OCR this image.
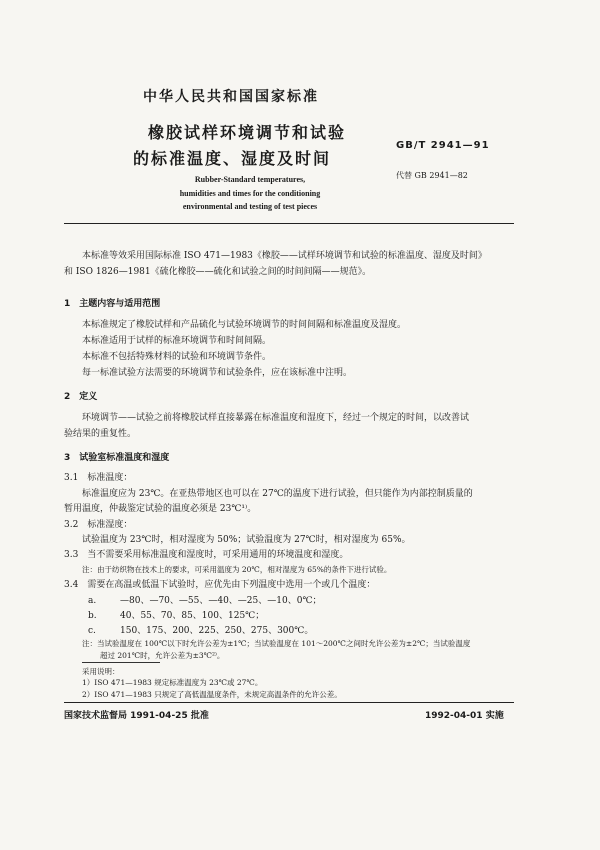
中华人民共和国国家标准
橡胶试样环境调节和试验
的标准温度、湿度及时间
GB/T 2941—91
代替 GB 2941—82
Rubber-Standard temperatures,
humidities and times for the conditioning
environmental and testing of test pieces
本标准等效采用国际标准 ISO 471—1983《橡胶——试样环境调节和试验的标准温度、湿度及时间》
和 ISO 1826—1981《硫化橡胶——硫化和试验之间的时间间隔——规范》。
1　主题内容与适用范围
本标准规定了橡胶试样和产品硫化与试验环境调节的时间间隔和标准温度及湿度。
本标准适用于试样的标准环境调节和时间间隔。
本标准不包括特殊材料的试验和环境调节条件。
每一标准试验方法需要的环境调节和试验条件，应在该标准中注明。
2　定义
环境调节——试验之前将橡胶试样直接暴露在标准温度和湿度下，经过一个规定的时间，以改善试
验结果的重复性。
3　试验室标准温度和湿度
3.1　标准温度：
标准温度应为 23℃。在亚热带地区也可以在 27℃的温度下进行试验，但只能作为内部控制质量的
暂用温度，仲裁鉴定试验的温度必须是 23℃¹⁾。
3.2　标准湿度：
试验温度为 23℃时，相对湿度为 50%；试验温度为 27℃时，相对湿度为 65%。
3.3　当不需要采用标准温度和湿度时，可采用通用的环境温度和湿度。
注：由于纺织物在技术上的要求，可采用温度为 20℃，相对湿度为 65%的条件下进行试验。
3.4　需要在高温或低温下试验时，应优先由下列温度中选用一个或几个温度：
a.	—80、—70、—55、—40、—25、—10、0℃；
b.	40、55、70、85、100、125℃；
c.	150、175、200、225、250、275、300℃。
注：当试验温度在 100℃以下时允许公差为±1℃；当试验温度在 101～200℃之间时允许公差为±2℃；当试验温度
超过 201℃时，允许公差为±3℃²⁾。
采用说明：
1）ISO 471—1983 规定标准温度为 23℃或 27℃。
2）ISO 471—1983 只规定了高低温温度条件，未规定高温条件的允许公差。
国家技术监督局 1991-04-25 批准	1992-04-01 实施
